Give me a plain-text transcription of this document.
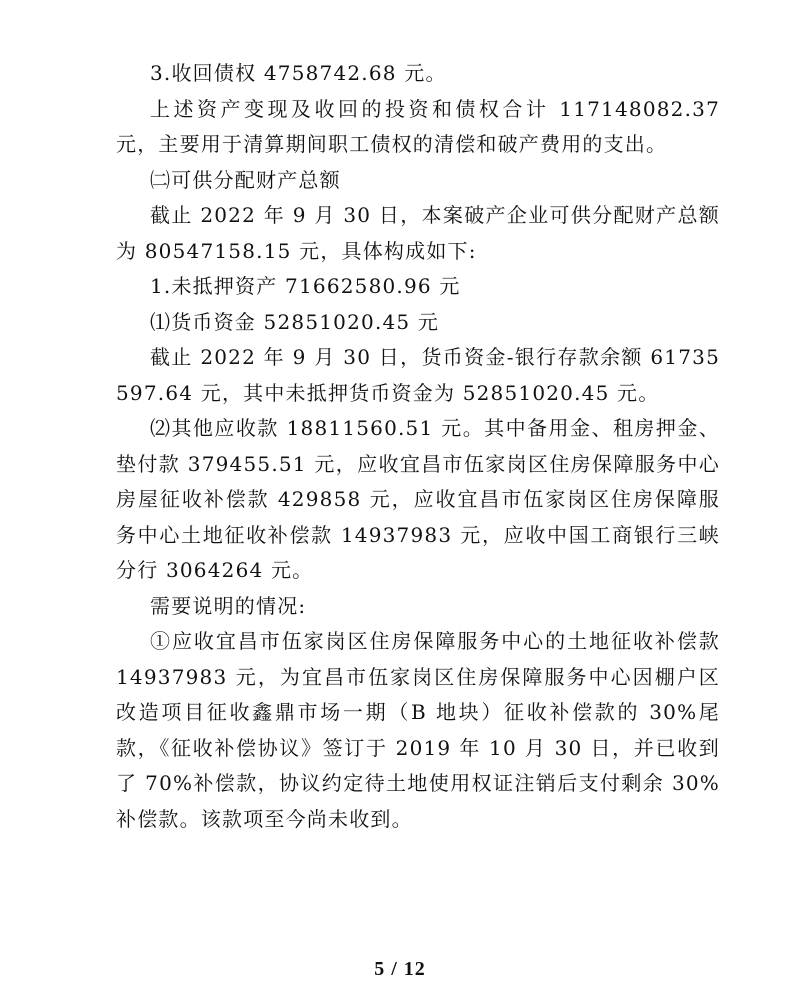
3.收回债权 4758742.68 元。

上述资产变现及收回的投资和债权合计 117148082.37 元，主要用于清算期间职工债权的清偿和破产费用的支出。

㈡可供分配财产总额

截止 2022 年 9 月 30 日，本案破产企业可供分配财产总额为 80547158.15 元，具体构成如下:

1.未抵押资产 71662580.96 元

⑴货币资金 52851020.45 元

截止 2022 年 9 月 30 日，货币资金-银行存款余额 61735597.64 元，其中未抵押货币资金为 52851020.45 元。

⑵其他应收款 18811560.51 元。其中备用金、租房押金、垫付款 379455.51 元，应收宜昌市伍家岗区住房保障服务中心房屋征收补偿款 429858 元，应收宜昌市伍家岗区住房保障服务中心土地征收补偿款 14937983 元，应收中国工商银行三峡分行 3064264 元。

需要说明的情况:

①应收宜昌市伍家岗区住房保障服务中心的土地征收补偿款 14937983 元，为宜昌市伍家岗区住房保障服务中心因棚户区改造项目征收鑫鼎市场一期（B 地块）征收补偿款的 30%尾款，《征收补偿协议》签订于 2019 年 10 月 30 日，并已收到了 70%补偿款，协议约定待土地使用权证注销后支付剩余 30%补偿款。该款项至今尚未收到。

5 / 12
